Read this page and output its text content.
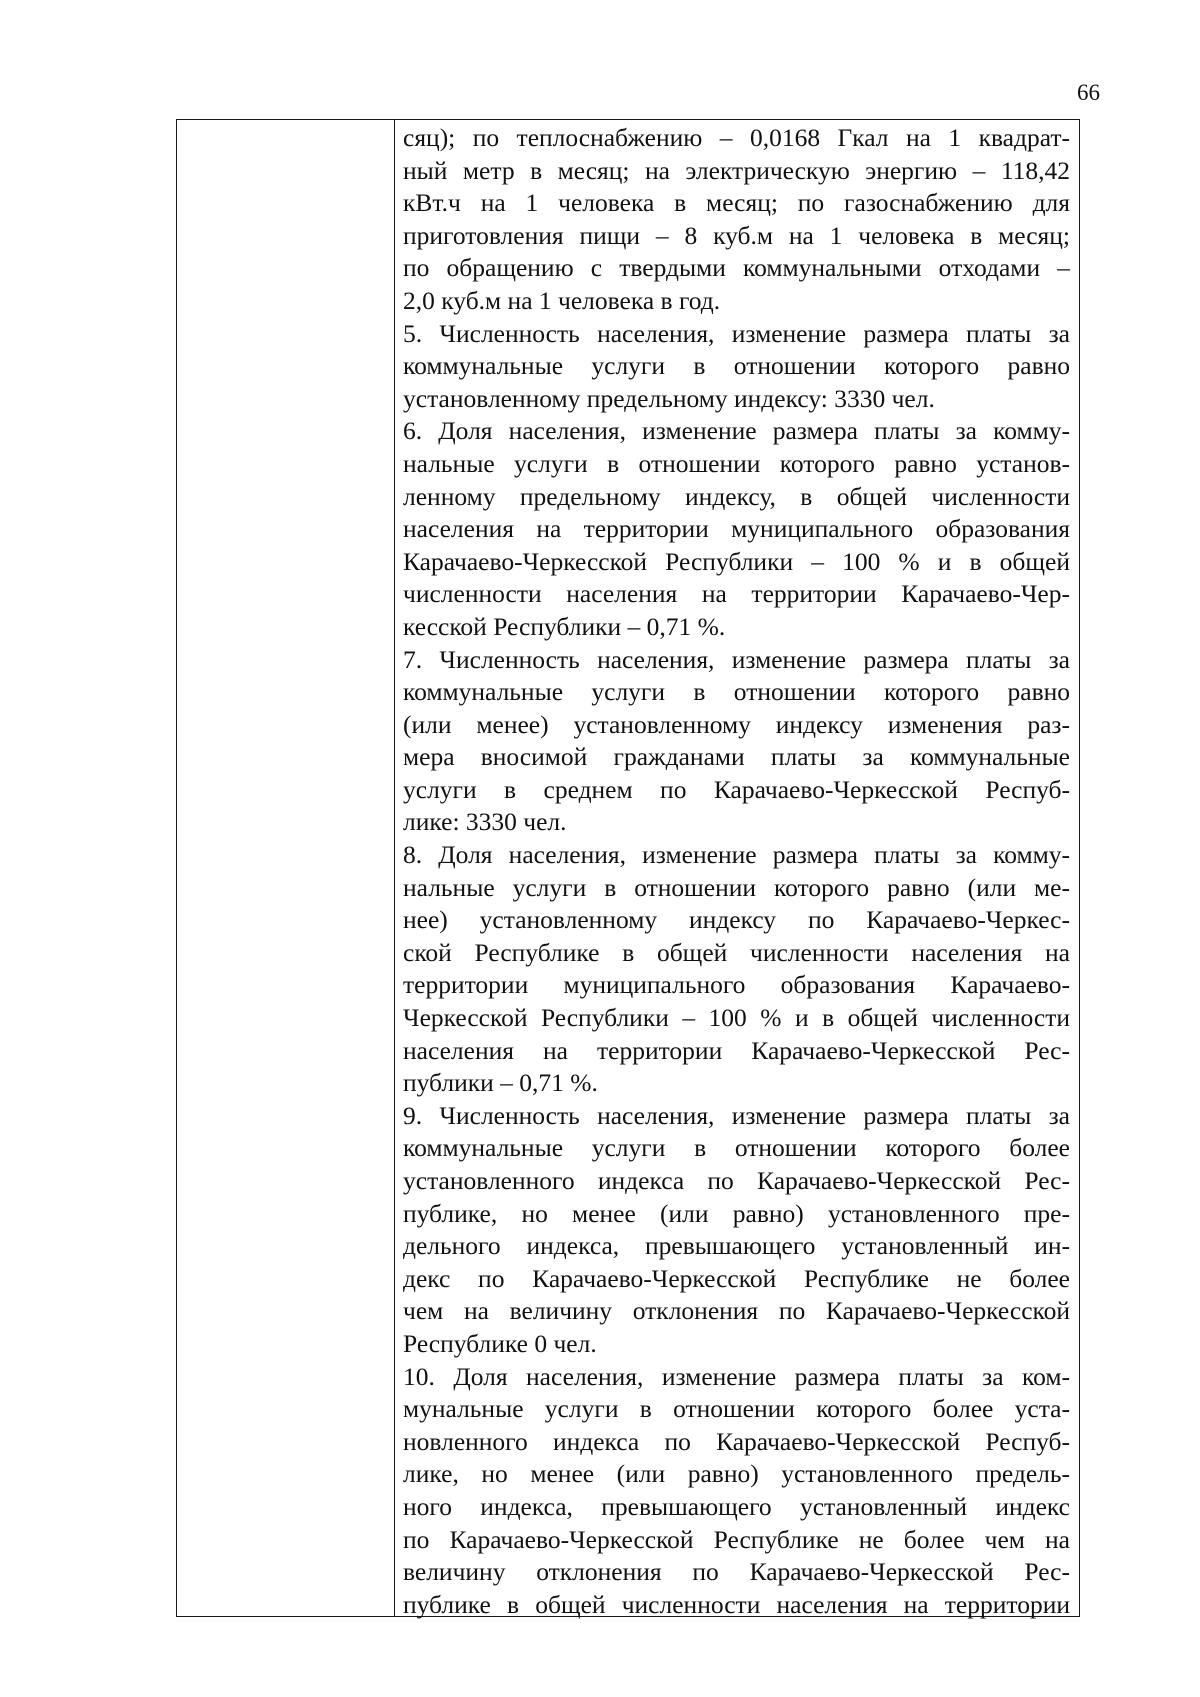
66
сяц); по теплоснабжению – 0,0168 Гкал на 1 квадрат-
ный метр в месяц; на электрическую энергию – 118,42
кВт.ч на 1 человека в месяц; по газоснабжению для
приготовления пищи – 8 куб.м на 1 человека в месяц;
по обращению с твердыми коммунальными отходами –
2,0 куб.м на 1 человека в год.
5. Численность населения, изменение размера платы за
коммунальные услуги в отношении которого равно
установленному предельному индексу: 3330 чел.
6. Доля населения, изменение размера платы за комму-
нальные услуги в отношении которого равно установ-
ленному предельному индексу, в общей численности
населения на территории муниципального образования
Карачаево-Черкесской Республики – 100 % и в общей
численности населения на территории Карачаево-Чер-
кесской Республики – 0,71 %.
7. Численность населения, изменение размера платы за
коммунальные услуги в отношении которого равно
(или менее) установленному индексу изменения раз-
мера вносимой гражданами платы за коммунальные
услуги в среднем по Карачаево-Черкесской Респуб-
лике: 3330 чел.
8. Доля населения, изменение размера платы за комму-
нальные услуги в отношении которого равно (или ме-
нее) установленному индексу по Карачаево-Черкес-
ской Республике в общей численности населения на
территории муниципального образования Карачаево-
Черкесской Республики – 100 % и в общей численности
населения на территории Карачаево-Черкесской Рес-
публики – 0,71 %.
9. Численность населения, изменение размера платы за
коммунальные услуги в отношении которого более
установленного индекса по Карачаево-Черкесской Рес-
публике, но менее (или равно) установленного пре-
дельного индекса, превышающего установленный ин-
декс по Карачаево-Черкесской Республике не более
чем на величину отклонения по Карачаево-Черкесской
Республике 0 чел.
10. Доля населения, изменение размера платы за ком-
мунальные услуги в отношении которого более уста-
новленного индекса по Карачаево-Черкесской Респуб-
лике, но менее (или равно) установленного предель-
ного индекса, превышающего установленный индекс
по Карачаево-Черкесской Республике не более чем на
величину отклонения по Карачаево-Черкесской Рес-
публике в общей численности населения на территории
